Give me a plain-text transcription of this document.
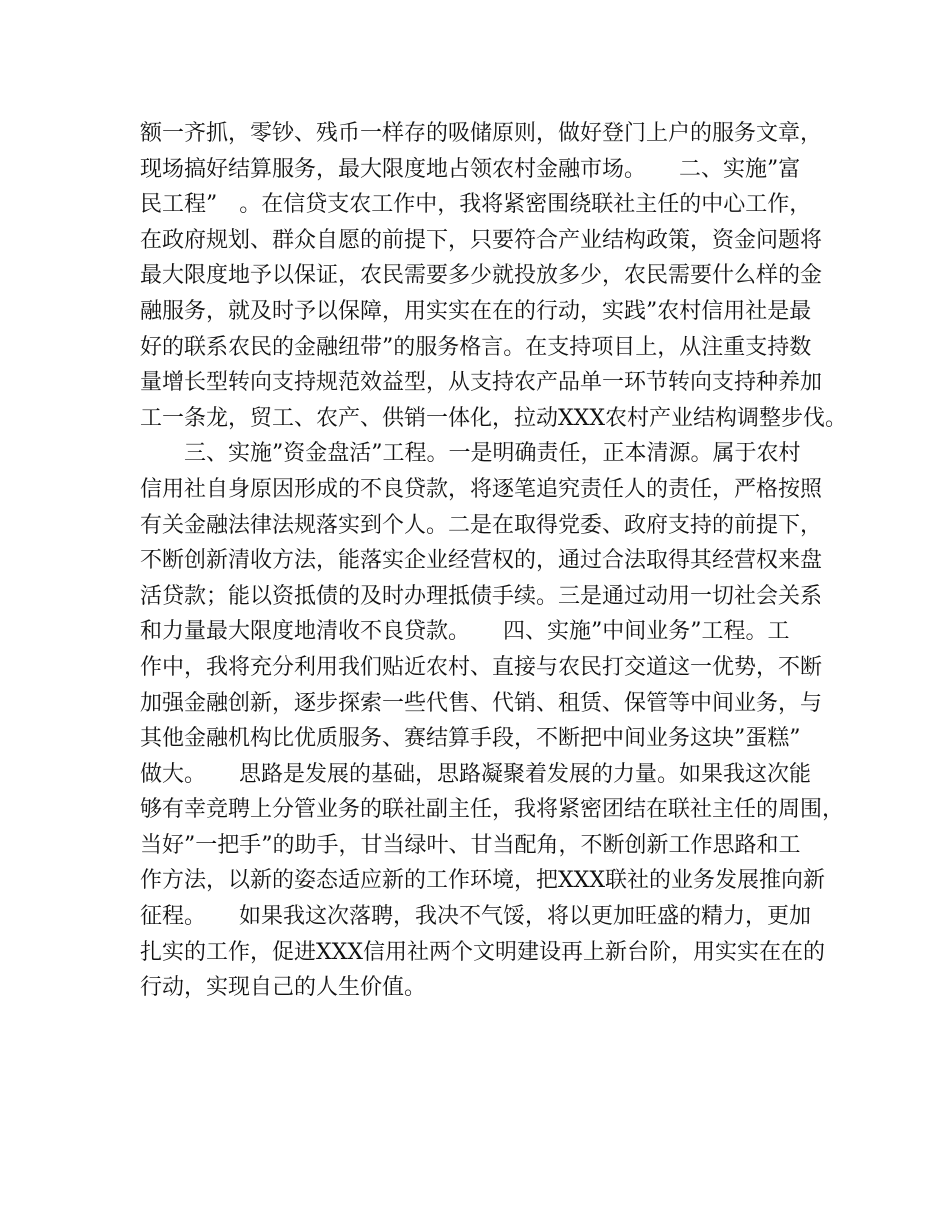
额一齐抓，零钞、残币一样存的吸储原则，做好登门上户的服务文章，
现场搞好结算服务，最大限度地占领农村金融市场。　　二、实施”富
民工程”　。在信贷支农工作中，我将紧密围绕联社主任的中心工作，
在政府规划、群众自愿的前提下，只要符合产业结构政策，资金问题将
最大限度地予以保证，农民需要多少就投放多少，农民需要什么样的金
融服务，就及时予以保障，用实实在在的行动，实践”农村信用社是最
好的联系农民的金融纽带”的服务格言。在支持项目上，从注重支持数
量增长型转向支持规范效益型，从支持农产品单一环节转向支持种养加
工一条龙，贸工、农产、供销一体化，拉动XXX农村产业结构调整步伐。
　　三、实施”资金盘活”工程。一是明确责任，正本清源。属于农村
信用社自身原因形成的不良贷款，将逐笔追究责任人的责任，严格按照
有关金融法律法规落实到个人。二是在取得党委、政府支持的前提下，
不断创新清收方法，能落实企业经营权的，通过合法取得其经营权来盘
活贷款；能以资抵债的及时办理抵债手续。三是通过动用一切社会关系
和力量最大限度地清收不良贷款。　　四、实施”中间业务”工程。工
作中，我将充分利用我们贴近农村、直接与农民打交道这一优势，不断
加强金融创新，逐步探索一些代售、代销、租赁、保管等中间业务，与
其他金融机构比优质服务、赛结算手段，不断把中间业务这块”蛋糕”
做大。　　思路是发展的基础，思路凝聚着发展的力量。如果我这次能
够有幸竞聘上分管业务的联社副主任，我将紧密团结在联社主任的周围，
当好”一把手”的助手，甘当绿叶、甘当配角，不断创新工作思路和工
作方法，以新的姿态适应新的工作环境，把XXX联社的业务发展推向新
征程。　　如果我这次落聘，我决不气馁，将以更加旺盛的精力，更加
扎实的工作，促进XXX信用社两个文明建设再上新台阶，用实实在在的
行动，实现自己的人生价值。
